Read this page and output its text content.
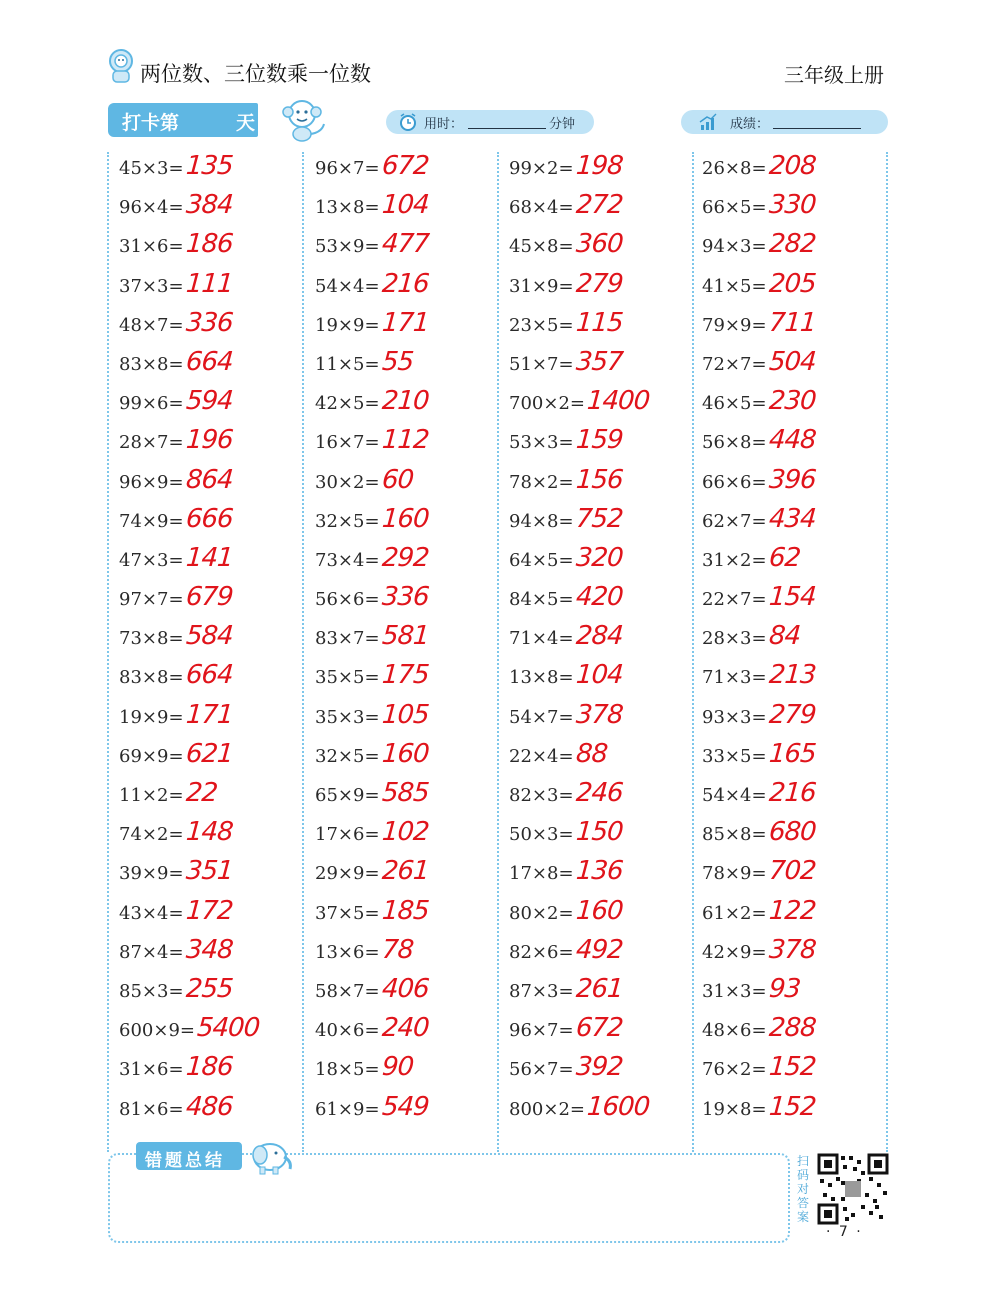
两位数、三位数乘一位数	三年级上册
打卡第	天	用时：	分钟	成绩：
45×3= 135
96×4= 384
31×6= 186
37×3= 111
48×7= 336
83×8= 664
99×6= 594
28×7= 196
96×9= 864
74×9= 666
47×3= 141
97×7= 679
73×8= 584
83×8= 664
19×9= 171
69×9= 621
11×2= 22
74×2= 148
39×9= 351
43×4= 172
87×4= 348
85×3= 255
600×9= 5400
31×6= 186
81×6= 486
96×7= 672
13×8= 104
53×9= 477
54×4= 216
19×9= 171
11×5= 55
42×5= 210
16×7= 112
30×2= 60
32×5= 160
73×4= 292
56×6= 336
83×7= 581
35×5= 175
35×3= 105
32×5= 160
65×9= 585
17×6= 102
29×9= 261
37×5= 185
13×6= 78
58×7= 406
40×6= 240
18×5= 90
61×9= 549
99×2= 198
68×4= 272
45×8= 360
31×9= 279
23×5= 115
51×7= 357
700×2= 1400
53×3= 159
78×2= 156
94×8= 752
64×5= 320
84×5= 420
71×4= 284
13×8= 104
54×7= 378
22×4= 88
82×3= 246
50×3= 150
17×8= 136
80×2= 160
82×6= 492
87×3= 261
96×7= 672
56×7= 392
800×2= 1600
26×8= 208
66×5= 330
94×3= 282
41×5= 205
79×9= 711
72×7= 504
46×5= 230
56×8= 448
66×6= 396
62×7= 434
31×2= 62
22×7= 154
28×3= 84
71×3= 213
93×3= 279
33×5= 165
54×4= 216
85×8= 680
78×9= 702
61×2= 122
42×9= 378
31×3= 93
48×6= 288
76×2= 152
19×8= 152
错题总结	扫码对答案
· 7 ·
